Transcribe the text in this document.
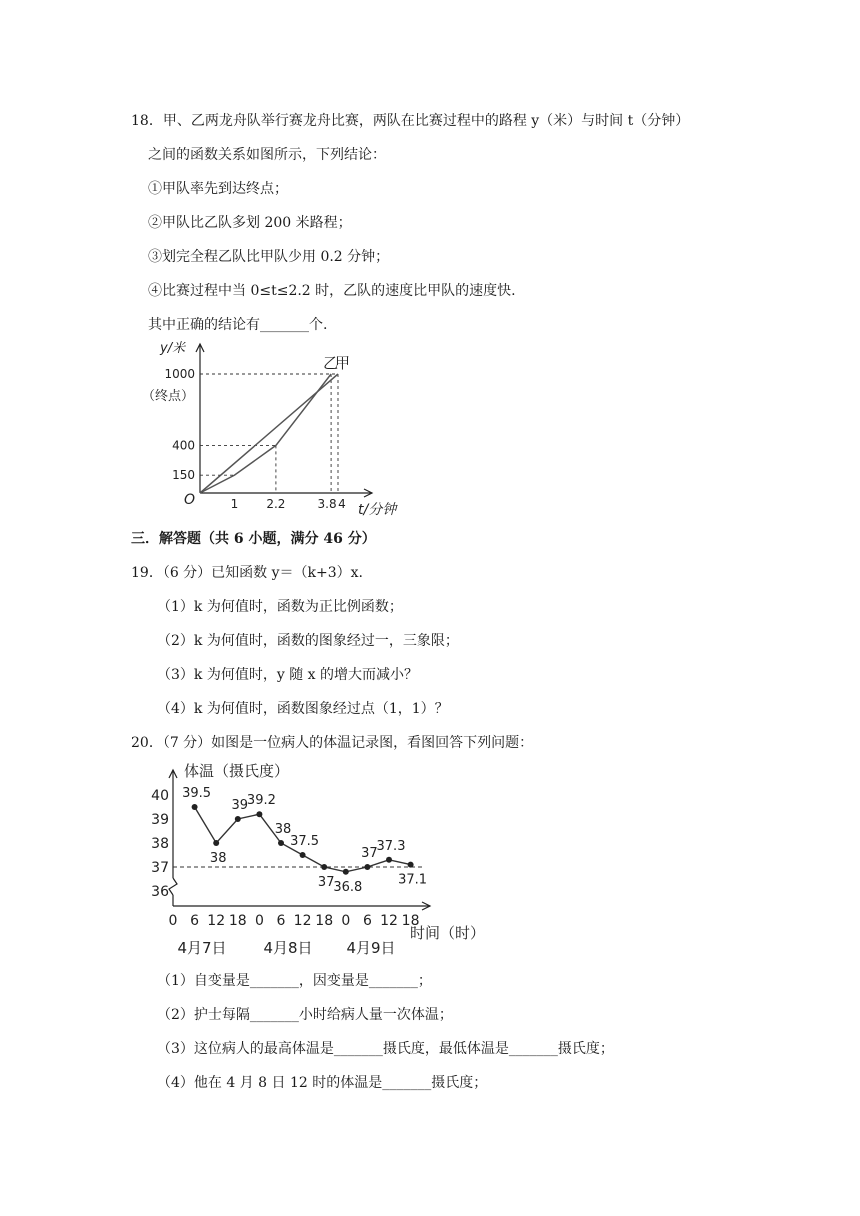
18．甲、乙两龙舟队举行赛龙舟比赛，两队在比赛过程中的路程 y（米）与时间 t（分钟）
之间的函数关系如图所示，下列结论：
①甲队率先到达终点；
②甲队比乙队多划 200 米路程；
③划完全程乙队比甲队少用 0.2 分钟；
④比赛过程中当 0≤t≤2.2 时，乙队的速度比甲队的速度快.
其中正确的结论有_______个.
150
400
1000
（终点）
y/米
1 2.2	3.8 4 t/分钟
O
乙
甲
三．解答题（共 6 小题，满分 46 分）
19．（6 分）已知函数 y＝（k+3）x.
（1）k 为何值时，函数为正比例函数；
（2）k 为何值时，函数的图象经过一，三象限；
（3）k 为何值时，y 随 x 的增大而减小？
（4）k 为何值时，函数图象经过点（1，1）？
20．（7 分）如图是一位病人的体温记录图，看图回答下列问题：
39.5
38
39
39.2
38
37.5
37
36.8
37
37.3
37.1
36
37
38
39
40
体温（摄氏度）
0 6 12 18 0 6 12 18 0 6 12 18
4月7日 4月8日 4月9日
时间（时）
（1）自变量是_______，因变量是_______；
（2）护士每隔_______小时给病人量一次体温；
（3）这位病人的最高体温是_______摄氏度，最低体温是_______摄氏度；
（4）他在 4 月 8 日 12 时的体温是_______摄氏度；
